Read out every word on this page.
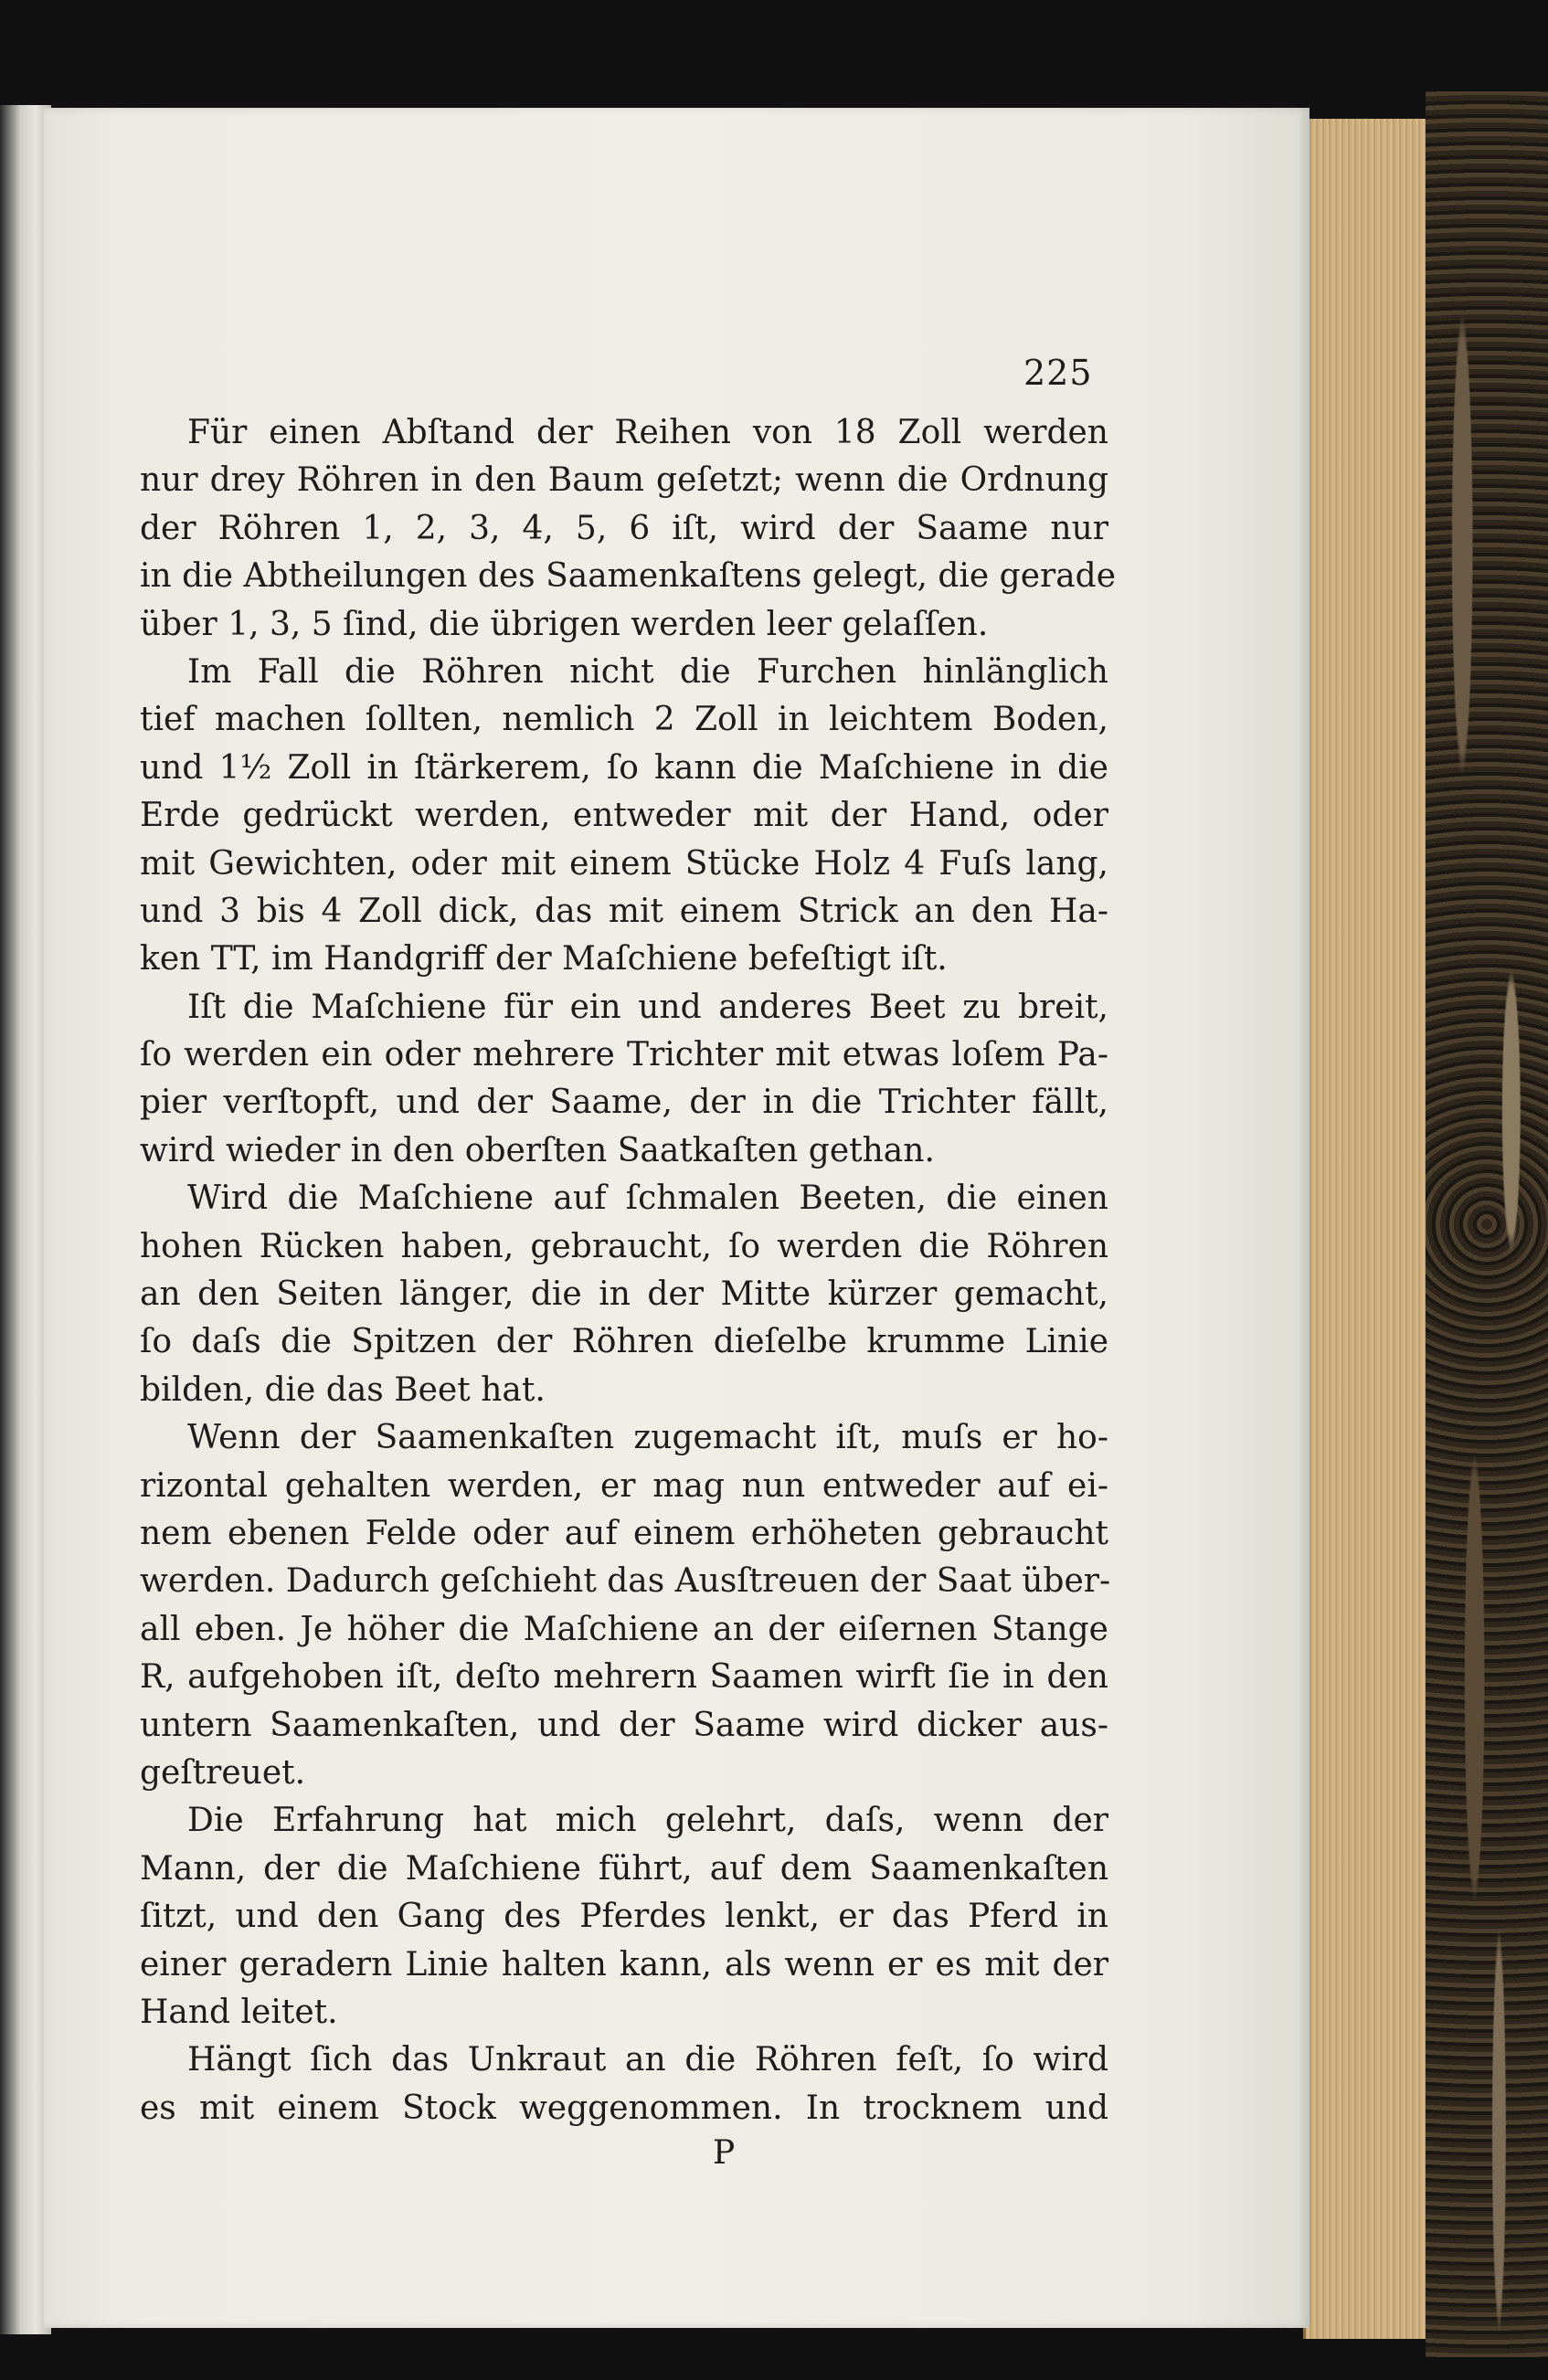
225
Für einen Abſtand der Reihen von 18 Zoll werden
nur drey Röhren in den Baum geſetzt; wenn die Ordnung
der Röhren 1, 2, 3, 4, 5, 6 iſt, wird der Saame nur
in die Abtheilungen des Saamenkaſtens gelegt, die gerade
über 1, 3, 5 ſind, die übrigen werden leer gelaſſen.
Im Fall die Röhren nicht die Furchen hinlänglich
tief machen ſollten, nemlich 2 Zoll in leichtem Boden,
und 1½ Zoll in ſtärkerem, ſo kann die Maſchiene in die
Erde gedrückt werden, entweder mit der Hand, oder
mit Gewichten, oder mit einem Stücke Holz 4 Fuſs lang,
und 3 bis 4 Zoll dick, das mit einem Strick an den Ha-
ken TT, im Handgriff der Maſchiene befeſtigt iſt.
Iſt die Maſchiene für ein und anderes Beet zu breit,
ſo werden ein oder mehrere Trichter mit etwas loſem Pa-
pier verſtopft, und der Saame, der in die Trichter fällt,
wird wieder in den oberſten Saatkaſten gethan.
Wird die Maſchiene auf ſchmalen Beeten, die einen
hohen Rücken haben, gebraucht, ſo werden die Röhren
an den Seiten länger, die in der Mitte kürzer gemacht,
ſo daſs die Spitzen der Röhren dieſelbe krumme Linie
bilden, die das Beet hat.
Wenn der Saamenkaſten zugemacht iſt, muſs er ho-
rizontal gehalten werden, er mag nun entweder auf ei-
nem ebenen Felde oder auf einem erhöheten gebraucht
werden. Dadurch geſchieht das Ausſtreuen der Saat über-
all eben. Je höher die Maſchiene an der eiſernen Stange
R, aufgehoben iſt, deſto mehrern Saamen wirft ſie in den
untern Saamenkaſten, und der Saame wird dicker aus-
geſtreuet.
Die Erfahrung hat mich gelehrt, daſs, wenn der
Mann, der die Maſchiene führt, auf dem Saamenkaſten
ſitzt, und den Gang des Pferdes lenkt, er das Pferd in
einer geradern Linie halten kann, als wenn er es mit der
Hand leitet.
Hängt ſich das Unkraut an die Röhren feſt, ſo wird
es mit einem Stock weggenommen. In trocknem und
P
